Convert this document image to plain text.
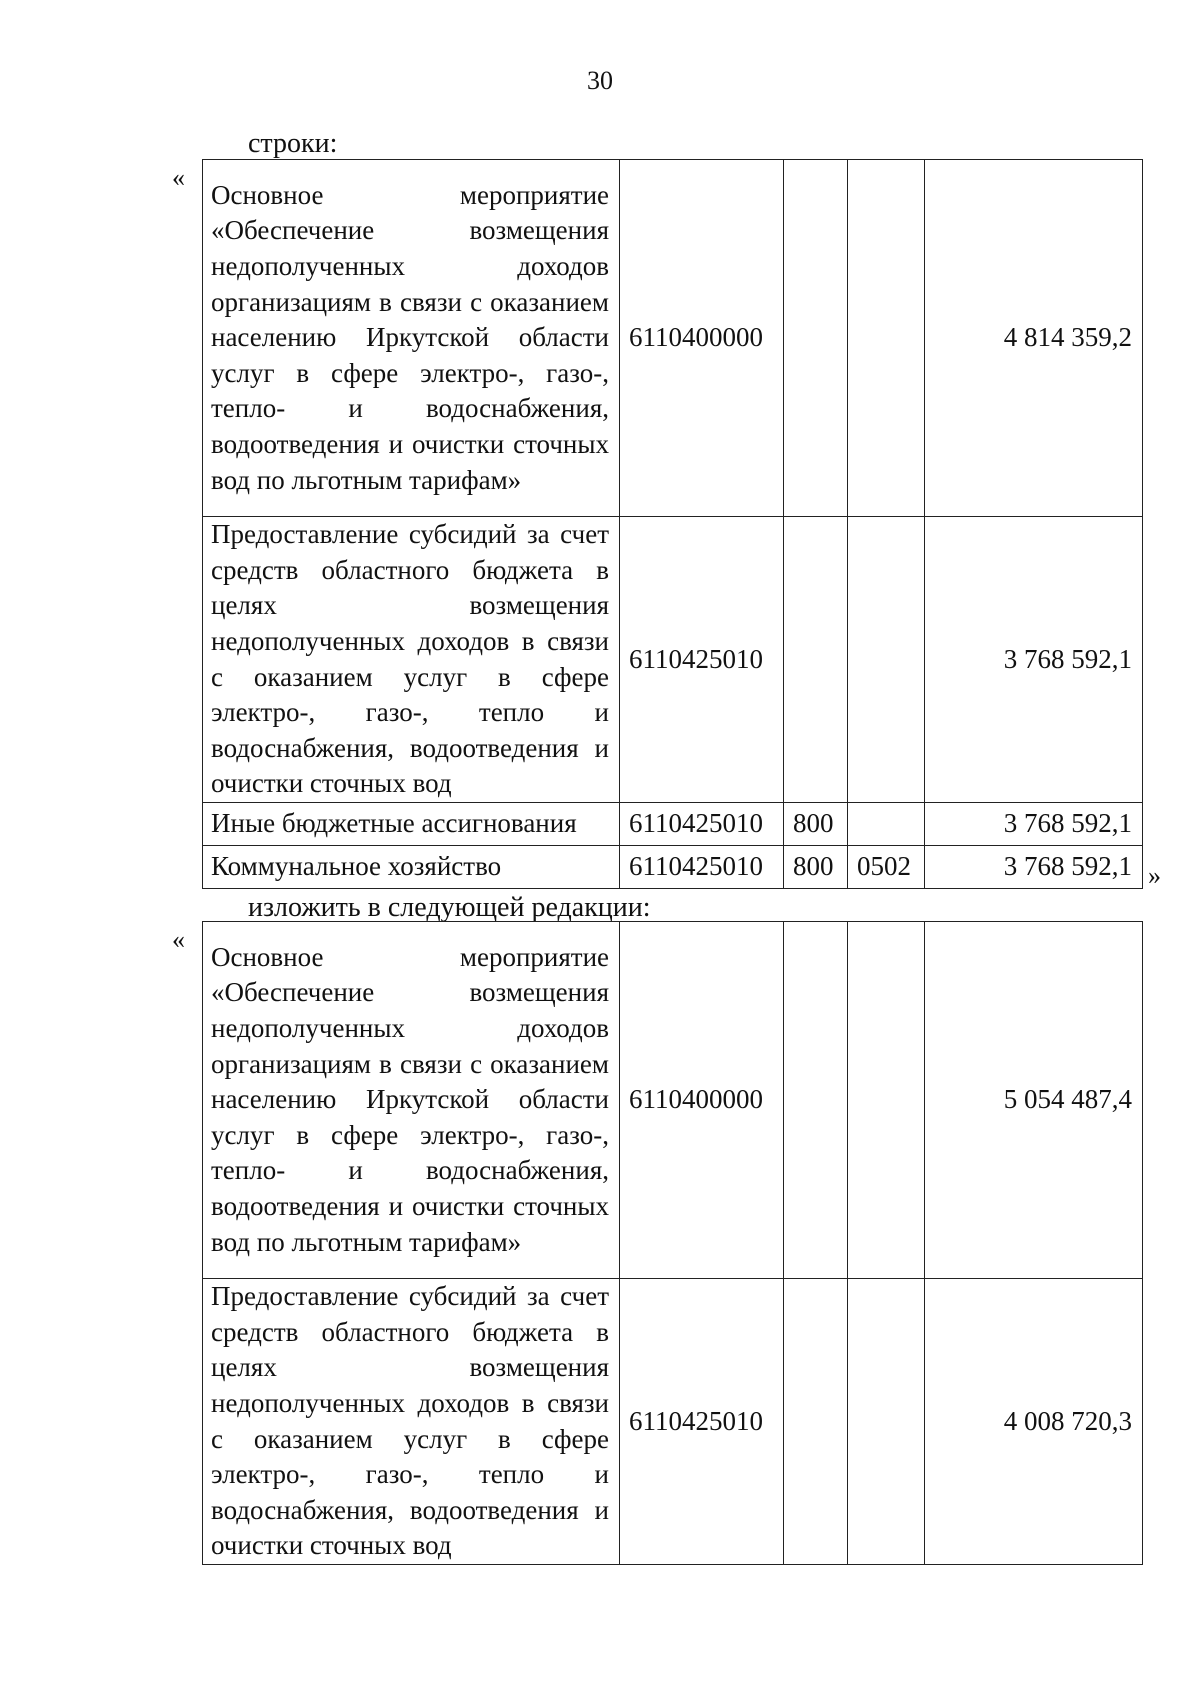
30
строки:
«
Основное мероприятие «Обеспечение возмещения недополученных доходов организациям в связи с оказанием населению Иркутской области услуг в сфере электро-, газо-, тепло- и водоснабжения, водоотведения и очистки сточных вод по льготным тарифам»	6110400000			4 814 359,2
Предоставление субсидий за счет средств областного бюджета в целях возмещения недополученных доходов в связи с оказанием услуг в сфере электро-, газо-, тепло и водоснабжения, водоотведения и очистки сточных вод	6110425010			3 768 592,1
Иные бюджетные ассигнования	6110425010	800		3 768 592,1
Коммунальное хозяйство	6110425010	800	0502	3 768 592,1 »
изложить в следующей редакции:
«
Основное мероприятие «Обеспечение возмещения недополученных доходов организациям в связи с оказанием населению Иркутской области услуг в сфере электро-, газо-, тепло- и водоснабжения, водоотведения и очистки сточных вод по льготным тарифам»	6110400000			5 054 487,4
Предоставление субсидий за счет средств областного бюджета в целях возмещения недополученных доходов в связи с оказанием услуг в сфере электро-, газо-, тепло и водоснабжения, водоотведения и очистки сточных вод	6110425010			4 008 720,3
